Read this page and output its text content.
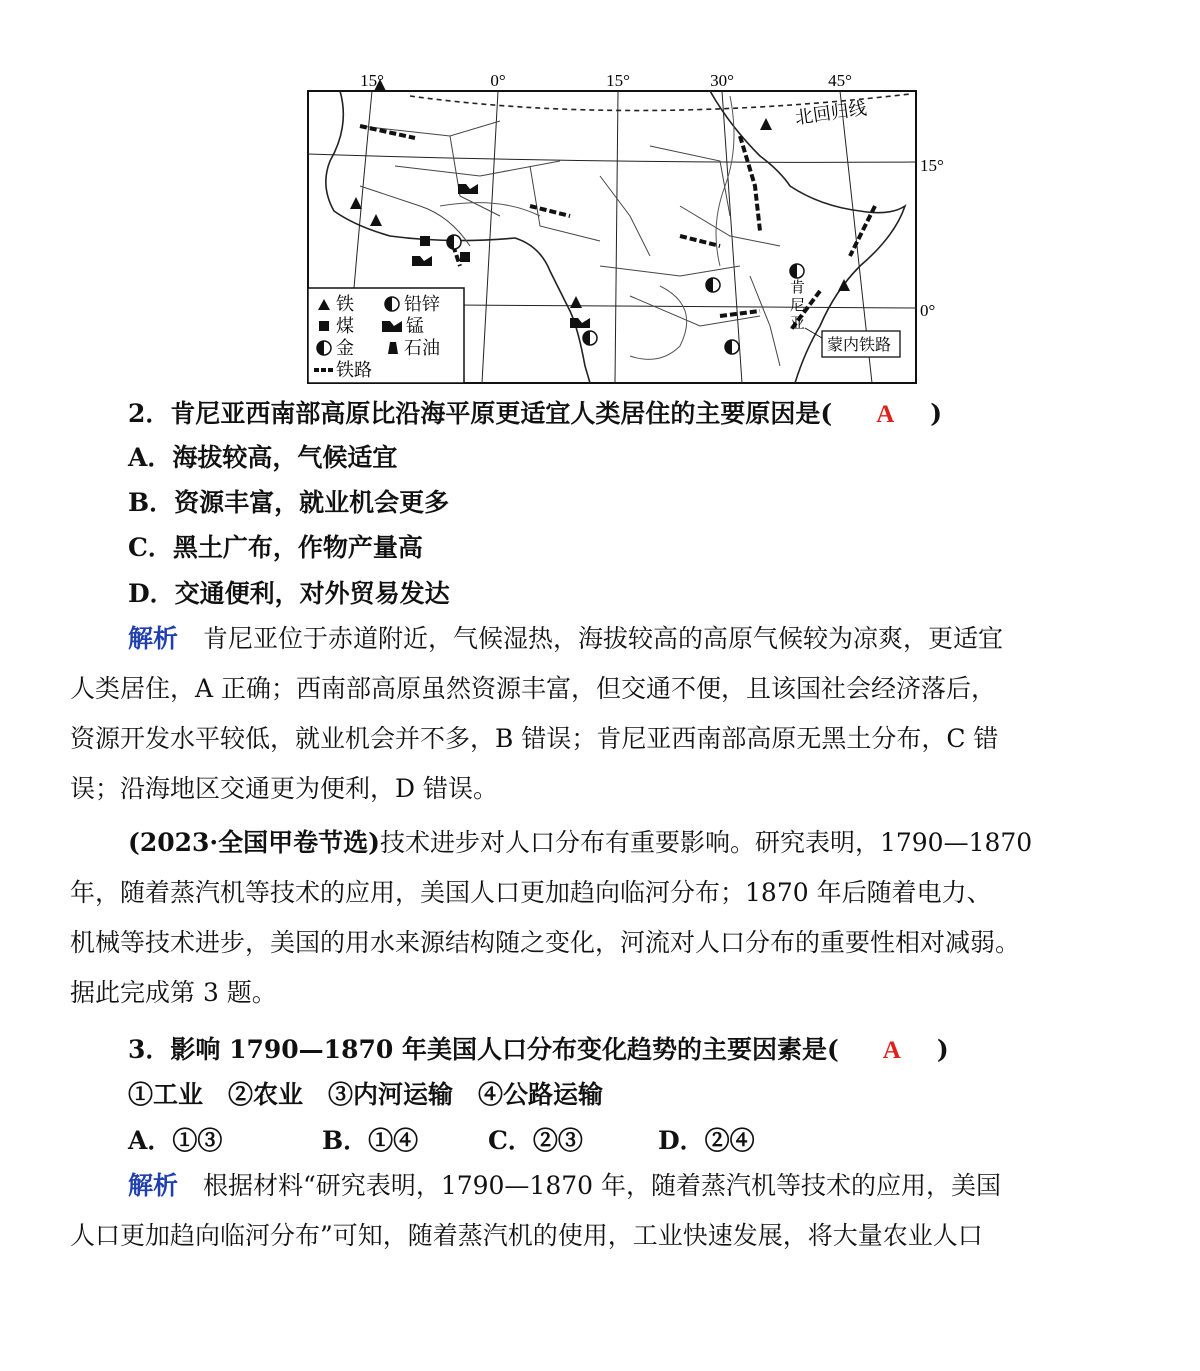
15°	0°	15°	30°	45°
15°
0°
北回归线
肯
尼
亚
蒙内铁路
铁	铅锌
煤	锰
金	石油
铁路
2．肯尼亚西南部高原比沿海平原更适宜人类居住的主要原因是( A )
A．海拔较高，气候适宜
B．资源丰富，就业机会更多
C．黑土广布，作物产量高
D．交通便利，对外贸易发达
解析　 肯尼亚位于赤道附近，气候湿热，海拔较高的高原气候较为凉爽，更适宜
人类居住，A 正确；西南部高原虽然资源丰富，但交通不便，且该国社会经济落后，
资源开发水平较低，就业机会并不多，B 错误；肯尼亚西南部高原无黑土分布，C 错
误；沿海地区交通更为便利，D 错误。
(2023·全国甲卷节选)技术进步对人口分布有重要影响。研究表明，1790—1870
年，随着蒸汽机等技术的应用，美国人口更加趋向临河分布；1870 年后随着电力、
机械等技术进步，美国的用水来源结构随之变化，河流对人口分布的重要性相对减弱。
据此完成第 3 题。
3．影响 1790—1870 年美国人口分布变化趋势的主要因素是( A )
①工业　②农业　③内河运输　④公路运输
A．①③	B．①④	C．②③	D．②④
解析　 根据材料“研究表明，1790—1870 年，随着蒸汽机等技术的应用，美国
人口更加趋向临河分布”可知，随着蒸汽机的使用，工业快速发展，将大量农业人口
